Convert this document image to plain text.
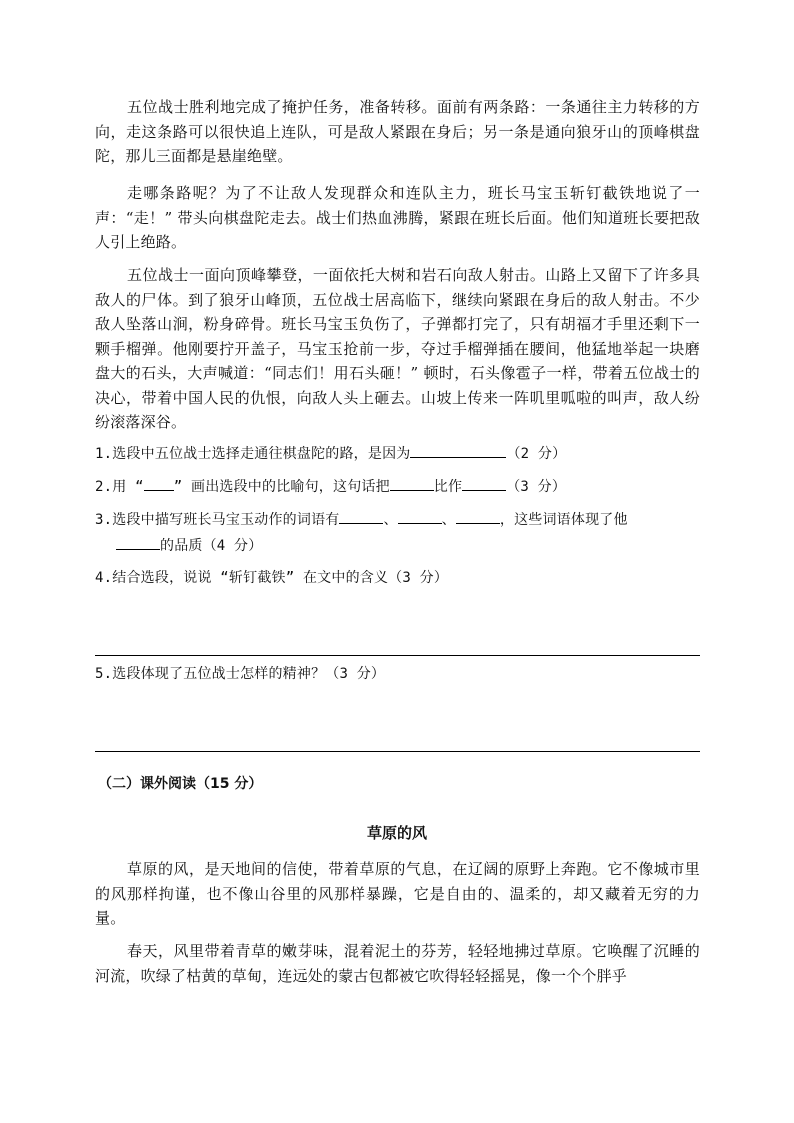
五位战士胜利地完成了掩护任务，准备转移。面前有两条路：一条通往主力转移的方向，走这条路可以很快追上连队，可是敌人紧跟在身后；另一条是通向狼牙山的顶峰棋盘陀，那儿三面都是悬崖绝壁。

走哪条路呢？为了不让敌人发现群众和连队主力，班长马宝玉斩钉截铁地说了一声：“走！” 带头向棋盘陀走去。战士们热血沸腾，紧跟在班长后面。他们知道班长要把敌人引上绝路。

五位战士一面向顶峰攀登，一面依托大树和岩石向敌人射击。山路上又留下了许多具敌人的尸体。到了狼牙山峰顶，五位战士居高临下，继续向紧跟在身后的敌人射击。不少敌人坠落山涧，粉身碎骨。班长马宝玉负伤了，子弹都打完了，只有胡福才手里还剩下一颗手榴弹。他刚要拧开盖子，马宝玉抢前一步，夺过手榴弹插在腰间，他猛地举起一块磨盘大的石头，大声喊道：“同志们！用石头砸！” 顿时，石头像雹子一样，带着五位战士的决心，带着中国人民的仇恨，向敌人头上砸去。山坡上传来一阵叽里呱啦的叫声，敌人纷纷滚落深谷。

1.选段中五位战士选择走通往棋盘陀的路，是因为	（2 分）
2.用 “ ” 画出选段中的比喻句，这句话把	比作	（3 分）
3.选段中描写班长马宝玉动作的词语有	、	、	，这些词语体现了他
的品质（4 分）
4.结合选段，说说 “斩钉截铁” 在文中的含义（3 分）
5.选段体现了五位战士怎样的精神？（3 分）
（二）课外阅读（15 分）
草原的风

草原的风，是天地间的信使，带着草原的气息，在辽阔的原野上奔跑。它不像城市里的风那样拘谨，也不像山谷里的风那样暴躁，它是自由的、温柔的，却又藏着无穷的力量。

春天，风里带着青草的嫩芽味，混着泥土的芬芳，轻轻地拂过草原。它唤醒了沉睡的河流，吹绿了枯黄的草甸，连远处的蒙古包都被它吹得轻轻摇晃，像一个个胖乎
